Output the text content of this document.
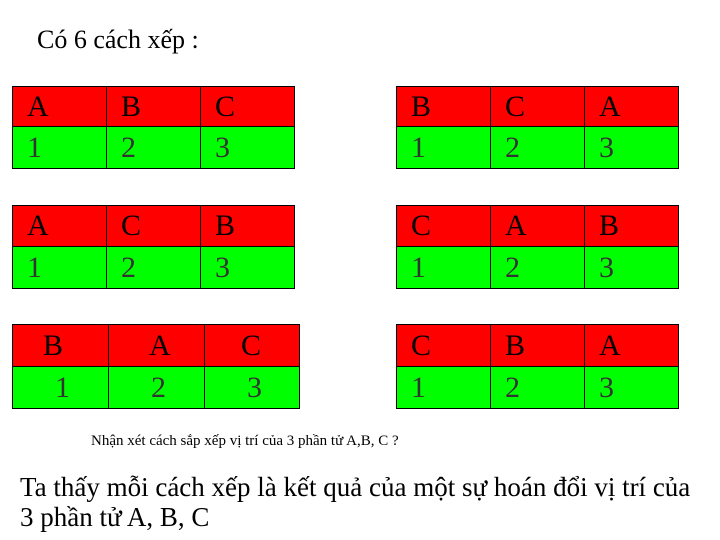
Có 6 cách xếp :
A	B	C
1	2	3
B	C	A
1	2	3
A	C	B
1	2	3
C	A	B
1	2	3
B	A	C
1	2	3
C	B	A
1	2	3
Nhận xét cách sắp xếp vị trí của 3 phần tử A,B, C ?
Ta thấy mỗi cách xếp là kết quả của một sự hoán đổi vị trí của 3 phần tử A, B, C
